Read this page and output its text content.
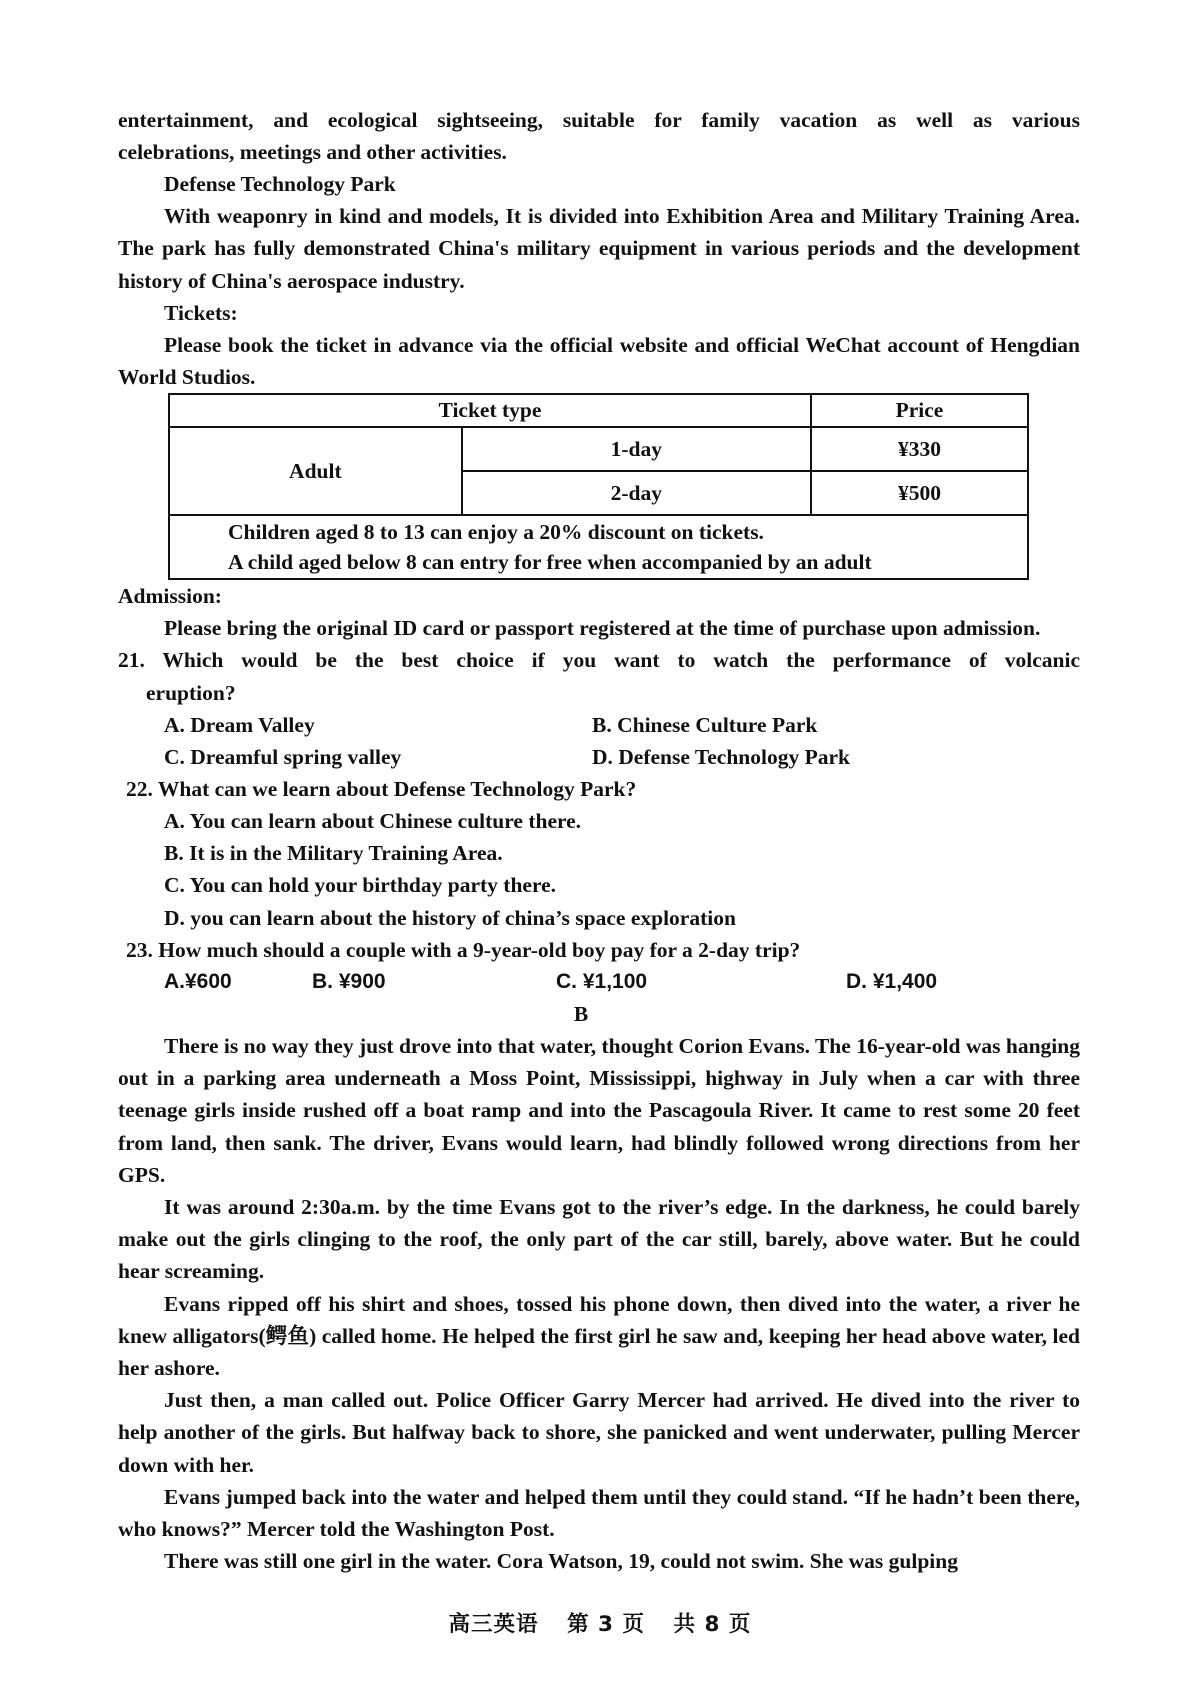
entertainment, and ecological sightseeing, suitable for family vacation as well as various

celebrations, meetings and other activities.

Defense Technology Park

With weaponry in kind and models, It is divided into Exhibition Area and Military Training Area. The park has fully demonstrated China's military equipment in various periods and the development history of China's aerospace industry.

Tickets:

Please book the ticket in advance via the official website and official WeChat account of Hengdian World Studios.

Ticket type		Price
Adult	1-day	¥330
	2-day	¥500

Children aged 8 to 13 can enjoy a 20% discount on tickets.
A child aged below 8 can entry for free when accompanied by an adult		

Admission:

Please bring the original ID card or passport registered at the time of purchase upon admission.

21. Which would be the best choice if you want to watch the performance of volcanic

eruption?

A. Dream Valley	B. Chinese Culture Park
C. Dreamful spring valley	D. Defense Technology Park

22. What can we learn about Defense Technology Park?

A. You can learn about Chinese culture there.

B. It is in the Military Training Area.

C. You can hold your birthday party there.

D. you can learn about the history of china’s space exploration

23. How much should a couple with a 9-year-old boy pay for a 2-day trip?

A.¥600	B. ¥900	C. ¥1,100	D. ¥1,400

B

There is no way they just drove into that water, thought Corion Evans. The 16-year-old was hanging out in a parking area underneath a Moss Point, Mississippi, highway in July when a car with three teenage girls inside rushed off a boat ramp and into the Pascagoula River. It came to rest some 20 feet from land, then sank. The driver, Evans would learn, had blindly followed wrong directions from her GPS.

It was around 2:30a.m. by the time Evans got to the river’s edge. In the darkness, he could barely make out the girls clinging to the roof, the only part of the car still, barely, above water. But he could hear screaming.

Evans ripped off his shirt and shoes, tossed his phone down, then dived into the water, a river he knew alligators(鳄鱼) called home. He helped the first girl he saw and, keeping her head above water, led her ashore.

Just then, a man called out. Police Officer Garry Mercer had arrived. He dived into the river to help another of the girls. But halfway back to shore, she panicked and went underwater, pulling Mercer down with her.

Evans jumped back into the water and helped them until they could stand. “If he hadn’t been there, who knows?” Mercer told the Washington Post.

There was still one girl in the water. Cora Watson, 19, could not swim. She was gulping

高三英语 第 3 页 共 8 页
